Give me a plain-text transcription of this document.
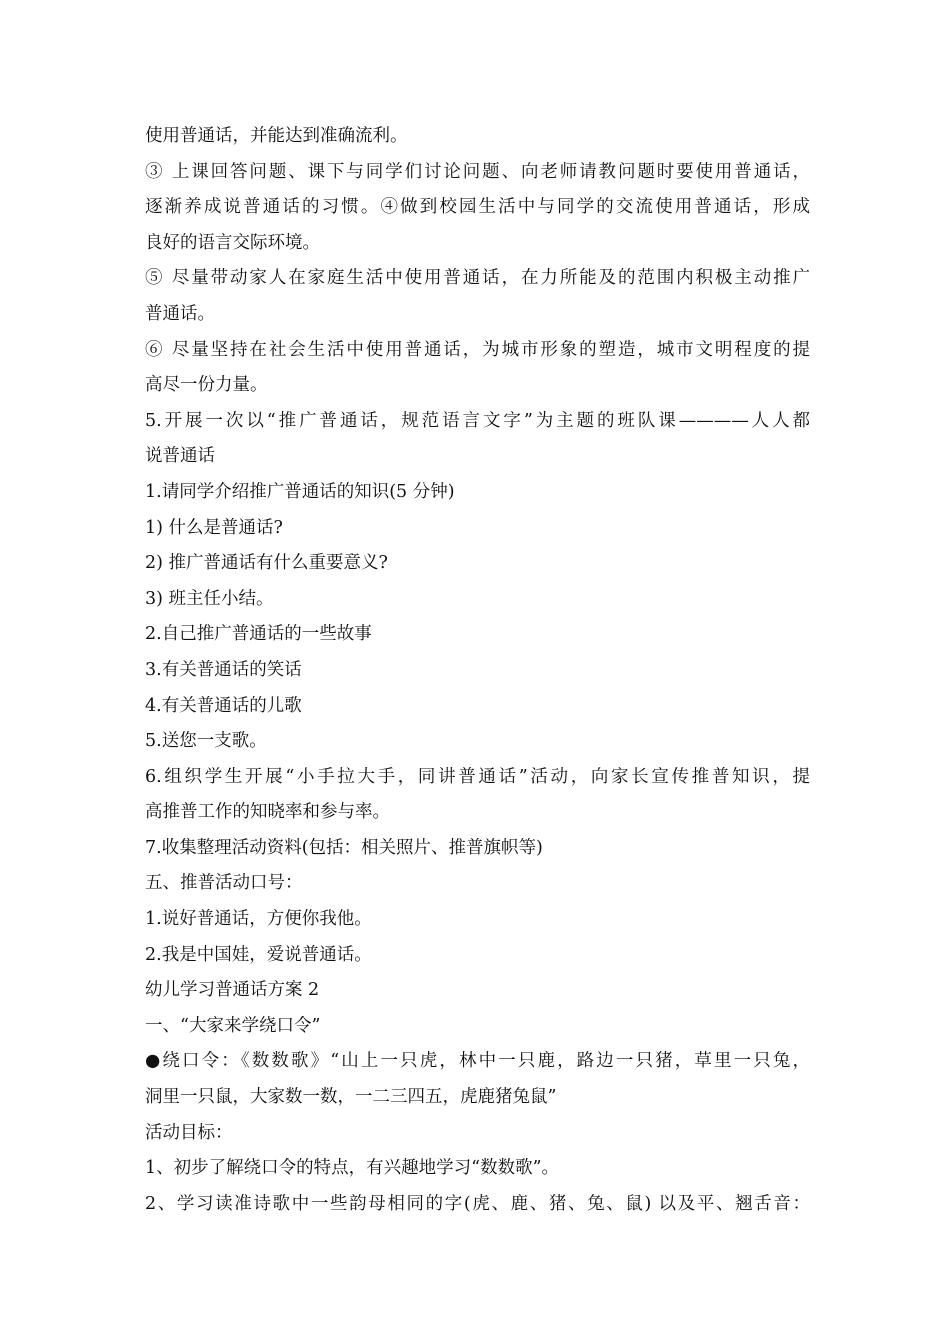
使用普通话，并能达到准确流利。
③ 上课回答问题、课下与同学们讨论问题、向老师请教问题时要使用普通话，
逐渐养成说普通话的习惯。④做到校园生活中与同学的交流使用普通话，形成
良好的语言交际环境。
⑤ 尽量带动家人在家庭生活中使用普通话，在力所能及的范围内积极主动推广
普通话。
⑥ 尽量坚持在社会生活中使用普通话，为城市形象的塑造，城市文明程度的提
高尽一份力量。
5.开展一次以“推广普通话，规范语言文字”为主题的班队课————人人都
说普通话
1.请同学介绍推广普通话的知识(5 分钟)
1) 什么是普通话?
2) 推广普通话有什么重要意义?
3) 班主任小结。
2.自己推广普通话的一些故事
3.有关普通话的笑话
4.有关普通话的儿歌
5.送您一支歌。
6.组织学生开展“小手拉大手，同讲普通话”活动，向家长宣传推普知识，提
高推普工作的知晓率和参与率。
7.收集整理活动资料(包括：相关照片、推普旗帜等)
五、推普活动口号：
1.说好普通话，方便你我他。
2.我是中国娃，爱说普通话。
幼儿学习普通话方案 2
一、“大家来学绕口令”
●绕口令：《数数歌》“山上一只虎，林中一只鹿，路边一只猪，草里一只兔，
洞里一只鼠，大家数一数，一二三四五，虎鹿猪兔鼠”
活动目标：
1、初步了解绕口令的特点，有兴趣地学习“数数歌”。
2、学习读准诗歌中一些韵母相同的字(虎、鹿、猪、兔、鼠) 以及平、翘舌音：
